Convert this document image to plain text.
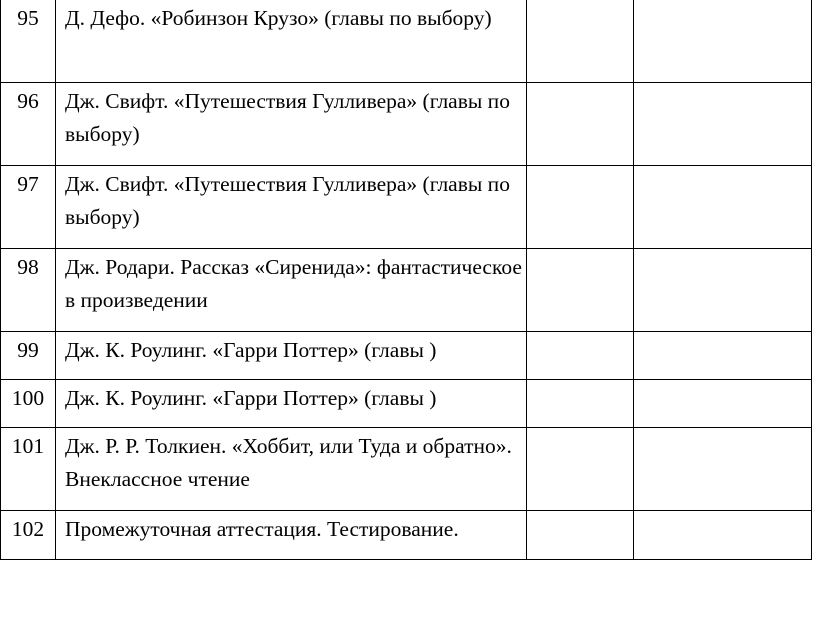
95	Д. Дефо. «Робинзон Крузо» (главы по выбору)		
96	Дж. Свифт. «Путешествия Гулливера» (главы по выбору)		
97	Дж. Свифт. «Путешествия Гулливера» (главы по выбору)		
98	Дж. Родари. Рассказ «Сиренида»: фантастическое в произведении		
99	Дж. К. Роулинг. «Гарри Поттер» (главы )		
100	Дж. К. Роулинг. «Гарри Поттер» (главы )		
101	Дж. Р. Р. Толкиен. «Хоббит, или Туда и обратно». Внеклассное чтение		
102	Промежуточная аттестация. Тестирование.		
